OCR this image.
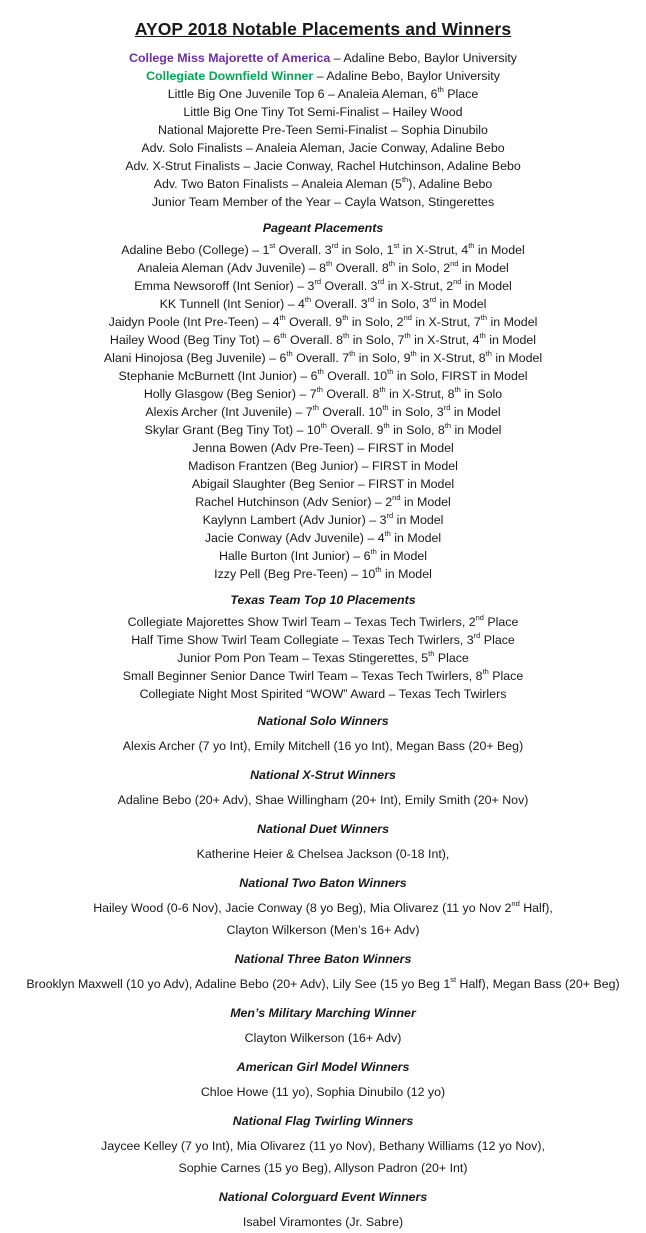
AYOP 2018 Notable Placements and Winners
College Miss Majorette of America – Adaline Bebo, Baylor University
Collegiate Downfield Winner – Adaline Bebo, Baylor University
Little Big One Juvenile Top 6 – Analeia Aleman, 6th Place
Little Big One Tiny Tot Semi-Finalist – Hailey Wood
National Majorette Pre-Teen Semi-Finalist – Sophia Dinubilo
Adv. Solo Finalists – Analeia Aleman, Jacie Conway, Adaline Bebo
Adv. X-Strut Finalists – Jacie Conway, Rachel Hutchinson, Adaline Bebo
Adv. Two Baton Finalists – Analeia Aleman (5th), Adaline Bebo
Junior Team Member of the Year – Cayla Watson, Stingerettes
Pageant Placements
Adaline Bebo (College) – 1st Overall. 3rd in Solo, 1st in X-Strut, 4th in Model
Analeia Aleman (Adv Juvenile) – 8th Overall. 8th in Solo, 2nd in Model
Emma Newsoroff (Int Senior) – 3rd Overall. 3rd in X-Strut, 2nd in Model
KK Tunnell (Int Senior) – 4th Overall. 3rd in Solo, 3rd in Model
Jaidyn Poole (Int Pre-Teen) – 4th Overall. 9th in Solo, 2nd in X-Strut, 7th in Model
Hailey Wood (Beg Tiny Tot) – 6th Overall. 8th in Solo, 7th in X-Strut, 4th in Model
Alani Hinojosa (Beg Juvenile) – 6th Overall. 7th in Solo, 9th in X-Strut, 8th in Model
Stephanie McBurnett (Int Junior) – 6th Overall. 10th in Solo, FIRST in Model
Holly Glasgow (Beg Senior) – 7th Overall. 8th in X-Strut, 8th in Solo
Alexis Archer (Int Juvenile) – 7th Overall. 10th in Solo, 3rd in Model
Skylar Grant (Beg Tiny Tot) – 10th Overall. 9th in Solo, 8th in Model
Jenna Bowen (Adv Pre-Teen) – FIRST in Model
Madison Frantzen (Beg Junior) – FIRST in Model
Abigail Slaughter (Beg Senior – FIRST in Model
Rachel Hutchinson (Adv Senior) – 2nd in Model
Kaylynn Lambert (Adv Junior) – 3rd in Model
Jacie Conway (Adv Juvenile) – 4th in Model
Halle Burton (Int Junior) – 6th in Model
Izzy Pell (Beg Pre-Teen) – 10th in Model
Texas Team Top 10 Placements
Collegiate Majorettes Show Twirl Team – Texas Tech Twirlers, 2nd Place
Half Time Show Twirl Team Collegiate – Texas Tech Twirlers, 3rd Place
Junior Pom Pon Team – Texas Stingerettes, 5th Place
Small Beginner Senior Dance Twirl Team – Texas Tech Twirlers, 8th Place
Collegiate Night Most Spirited “WOW” Award – Texas Tech Twirlers
National Solo Winners
Alexis Archer (7 yo Int), Emily Mitchell (16 yo Int), Megan Bass (20+ Beg)
National X-Strut Winners
Adaline Bebo (20+ Adv), Shae Willingham (20+ Int), Emily Smith (20+ Nov)
National Duet Winners
Katherine Heier & Chelsea Jackson (0-18 Int),
National Two Baton Winners
Hailey Wood (0-6 Nov), Jacie Conway (8 yo Beg), Mia Olivarez (11 yo Nov 2nd Half),
Clayton Wilkerson (Men’s 16+ Adv)
National Three Baton Winners
Brooklyn Maxwell (10 yo Adv), Adaline Bebo (20+ Adv), Lily See (15 yo Beg 1st Half), Megan Bass (20+ Beg)
Men’s Military Marching Winner
Clayton Wilkerson (16+ Adv)
American Girl Model Winners
Chloe Howe (11 yo), Sophia Dinubilo (12 yo)
National Flag Twirling Winners
Jaycee Kelley (7 yo Int), Mia Olivarez (11 yo Nov), Bethany Williams (12 yo Nov),
Sophie Carnes (15 yo Beg), Allyson Padron (20+ Int)
National Colorguard Event Winners
Isabel Viramontes (Jr. Sabre)
